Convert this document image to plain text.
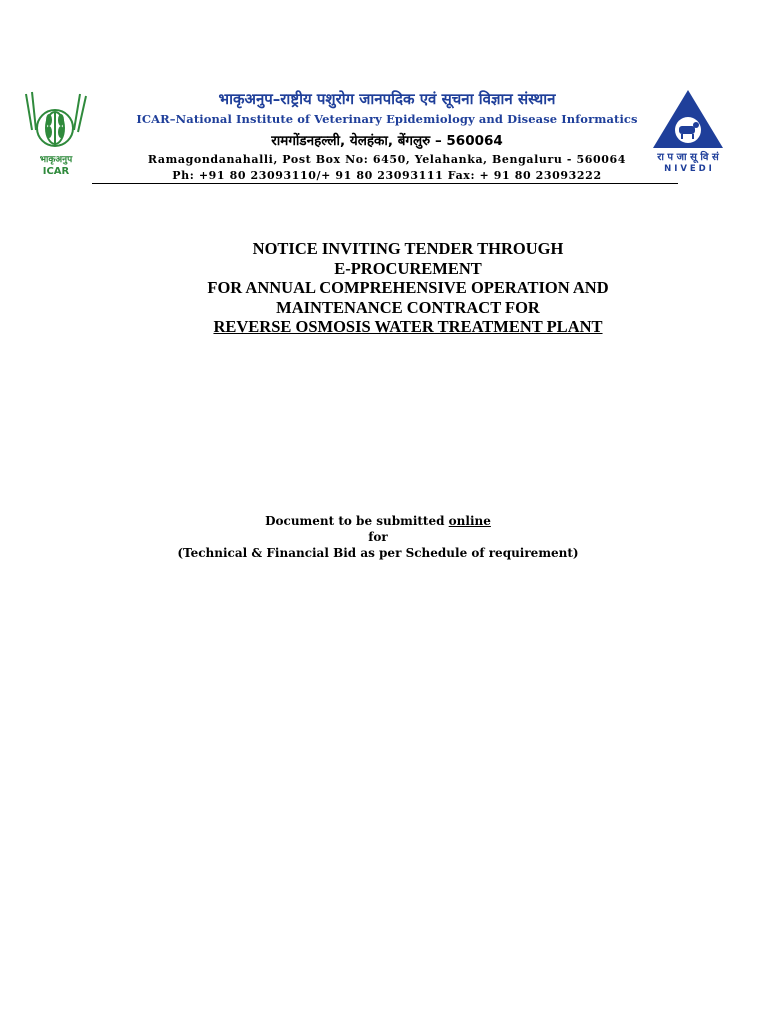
भाकृअनुप
ICAR
रा प जा सू वि सं
N I V E D I
भाकृअनुप–राष्ट्रीय पशुरोग जानपदिक एवं सूचना विज्ञान संस्थान
ICAR–National Institute of Veterinary Epidemiology and Disease Informatics
रामगोंडनहल्ली, येलहंका, बेंगलुरु – 560064
Ramagondanahalli, Post Box No: 6450, Yelahanka, Bengaluru - 560064
Ph: +91 80 23093110/+ 91 80 23093111 Fax: + 91 80 23093222
NOTICE INVITING TENDER THROUGH
E-PROCUREMENT
FOR ANNUAL COMPREHENSIVE OPERATION AND
MAINTENANCE CONTRACT FOR
REVERSE OSMOSIS WATER TREATMENT PLANT
Document to be submitted online
for
(Technical & Financial Bid as per Schedule of requirement)
